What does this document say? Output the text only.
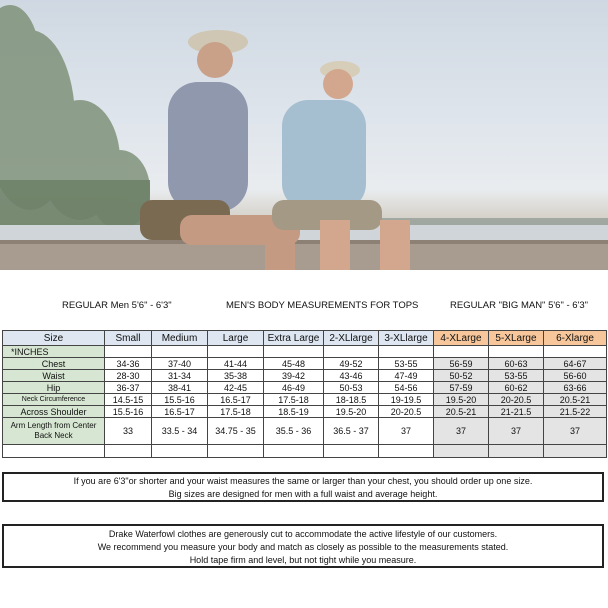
REGULAR Men 5'6" - 6'3"	MEN'S BODY MEASUREMENTS FOR TOPS	REGULAR "BIG MAN" 5'6" - 6'3"
Size	Small	Medium	Large	Extra Large	2-XLlarge	3-XLlarge	4-XLarge	5-XLarge	6-Xlarge
*INCHES									
Chest	34-36	37-40	41-44	45-48	49-52	53-55	56-59	60-63	64-67
Waist	28-30	31-34	35-38	39-42	43-46	47-49	50-52	53-55	56-60
Hip	36-37	38-41	42-45	46-49	50-53	54-56	57-59	60-62	63-66
Neck Circumference	14.5-15	15.5-16	16.5-17	17.5-18	18-18.5	19-19.5	19.5-20	20-20.5	20.5-21
Across Shoulder	15.5-16	16.5-17	17.5-18	18.5-19	19.5-20	20-20.5	20.5-21	21-21.5	21.5-22
Arm Length from Center Back Neck	33	33.5 - 34	34.75 - 35	35.5 - 36	36.5 - 37	37	37	37	37

If you are 6'3"or shorter and your waist measures the same or larger than your chest, you should order up one size.

Big sizes are designed for men with a full waist and average height.

Drake Waterfowl clothes are generously cut to accommodate the active lifestyle of our customers.

We recommend you measure your body and match as closely as possible to the measurements stated.

Hold tape firm and level, but not tight while you measure.
